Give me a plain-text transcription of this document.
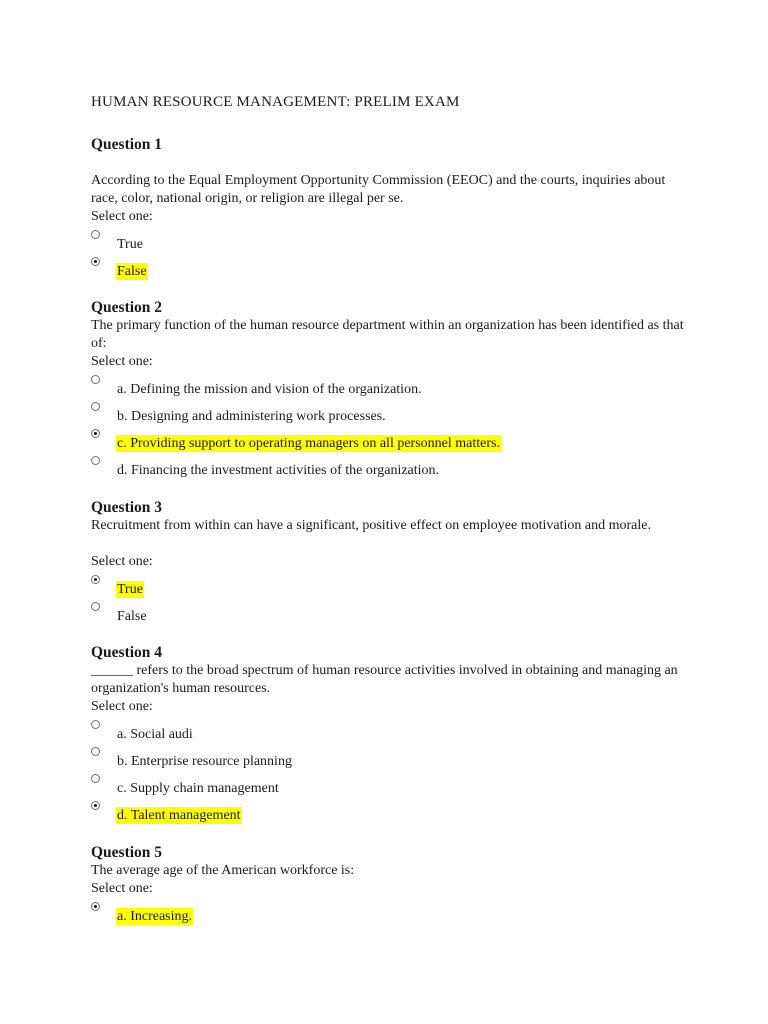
HUMAN RESOURCE MANAGEMENT: PRELIM EXAM
Question 1

According to the Equal Employment Opportunity Commission (EEOC) and the courts, inquiries about race, color, national origin, or religion are illegal per se.

Select one:
True
False
Question 2

The primary function of the human resource department within an organization has been identified as that of:

Select one:
a. Defining the mission and vision of the organization.
b. Designing and administering work processes.
c. Providing support to operating managers on all personnel matters.
d. Financing the investment activities of the organization.
Question 3

Recruitment from within can have a significant, positive effect on employee motivation and morale.

Select one:
True
False
Question 4

______ refers to the broad spectrum of human resource activities involved in obtaining and managing an organization's human resources.

Select one:
a. Social audi
b. Enterprise resource planning
c. Supply chain management
d. Talent management
Question 5

The average age of the American workforce is:

Select one:
a. Increasing.
